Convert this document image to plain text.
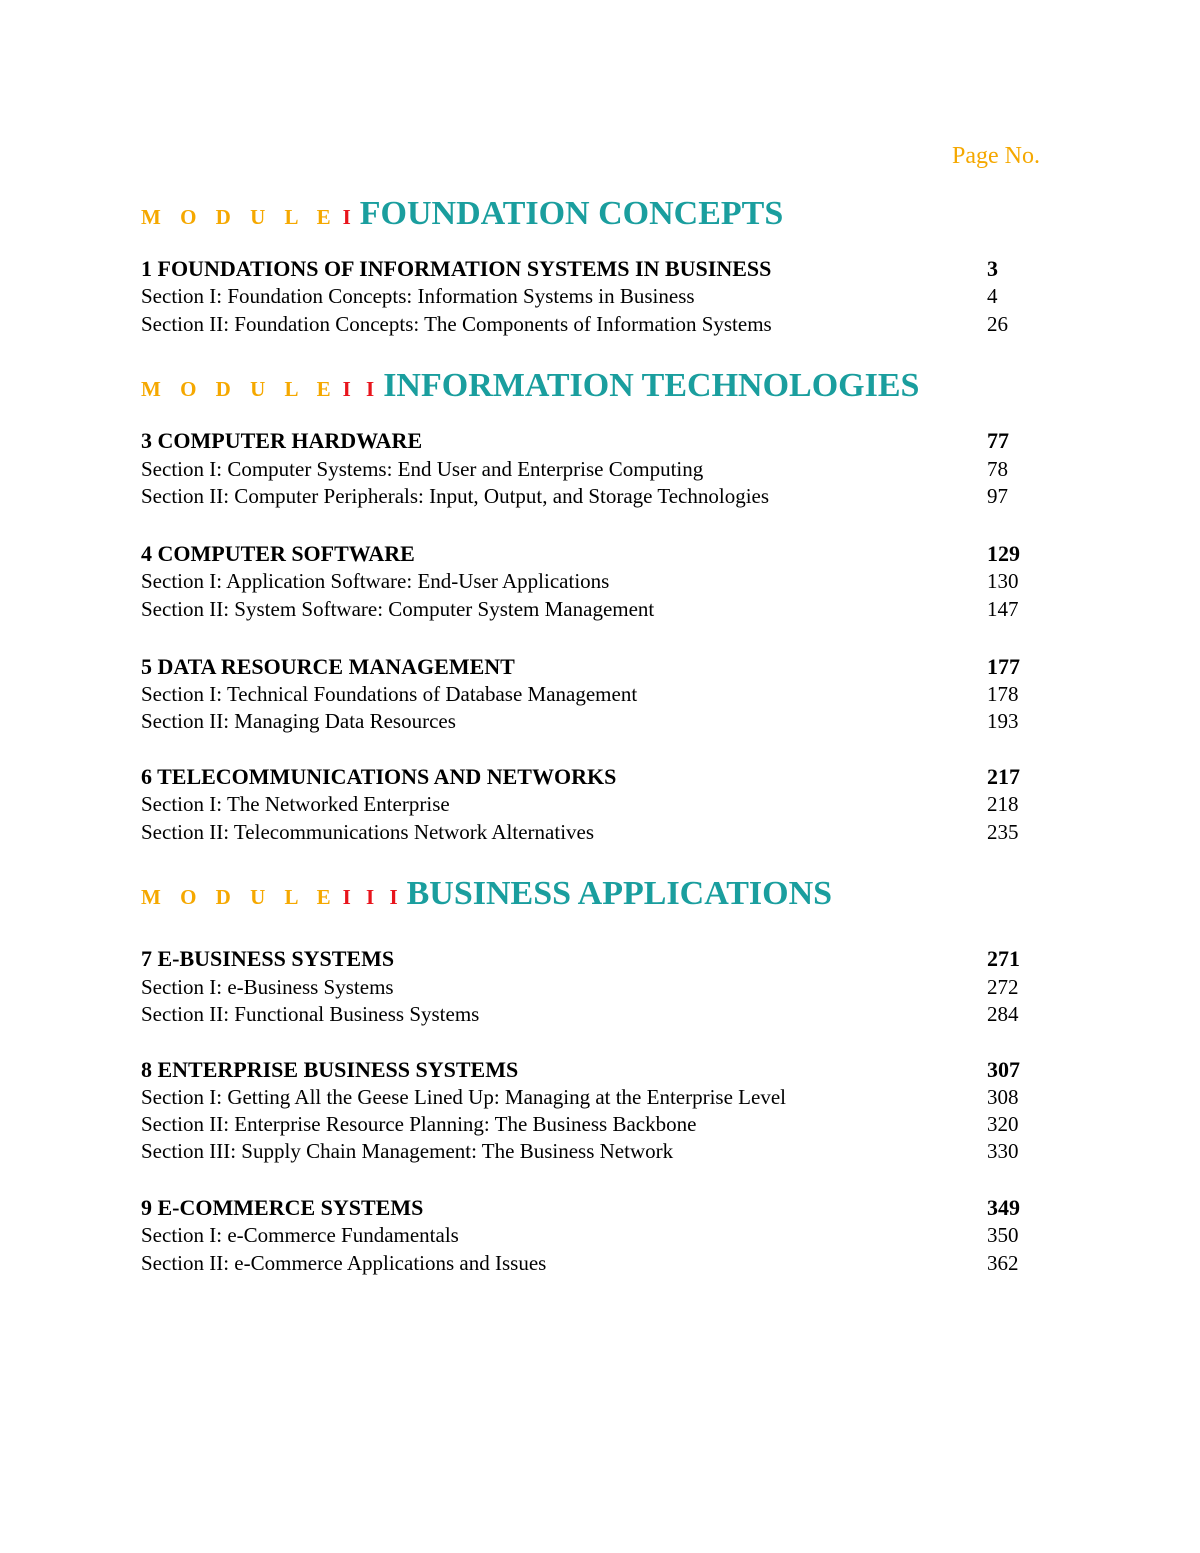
Page No.
M O D U L E I FOUNDATION CONCEPTS
1 FOUNDATIONS OF INFORMATION SYSTEMS IN BUSINESS	3
Section I: Foundation Concepts: Information Systems in Business	4
Section II: Foundation Concepts: The Components of Information Systems	26
M O D U L E I I INFORMATION TECHNOLOGIES
3 COMPUTER HARDWARE	77
Section I: Computer Systems: End User and Enterprise Computing	78
Section II: Computer Peripherals: Input, Output, and Storage Technologies	97
4 COMPUTER SOFTWARE	129
Section I: Application Software: End-User Applications	130
Section II: System Software: Computer System Management	147
5 DATA RESOURCE MANAGEMENT	177
Section I: Technical Foundations of Database Management	178
Section II: Managing Data Resources	193
6 TELECOMMUNICATIONS AND NETWORKS	217
Section I: The Networked Enterprise	218
Section II: Telecommunications Network Alternatives	235
M O D U L E I I I BUSINESS APPLICATIONS
7 E-BUSINESS SYSTEMS	271
Section I: e-Business Systems	272
Section II: Functional Business Systems	284
8 ENTERPRISE BUSINESS SYSTEMS	307
Section I: Getting All the Geese Lined Up: Managing at the Enterprise Level	308
Section II: Enterprise Resource Planning: The Business Backbone	320
Section III: Supply Chain Management: The Business Network	330
9 E-COMMERCE SYSTEMS	349
Section I: e-Commerce Fundamentals	350
Section II: e-Commerce Applications and Issues	362
